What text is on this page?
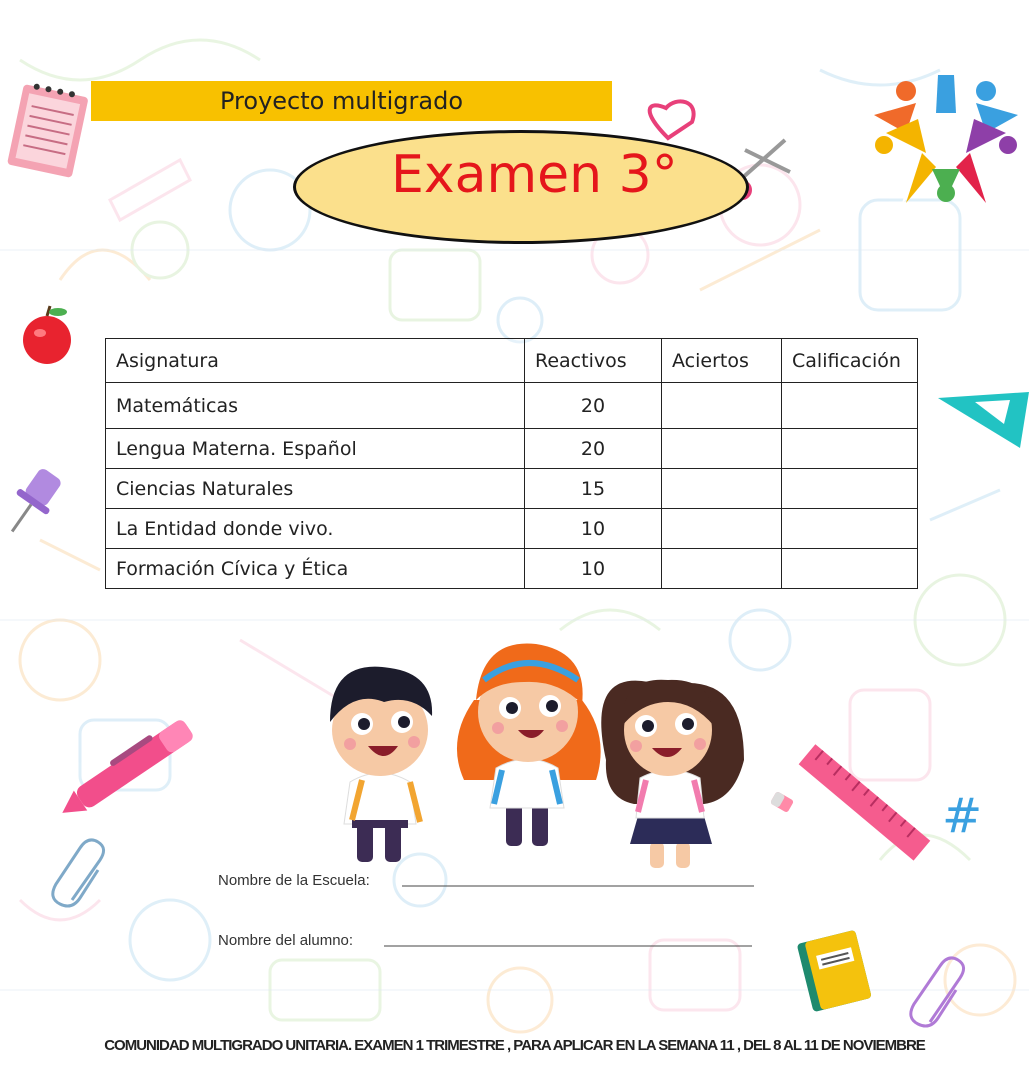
#
Proyecto multigrado
Examen 3°
Asignatura	Reactivos	Aciertos	Calificación
Matemáticas	20		
Lengua Materna. Español	20		
Ciencias Naturales	15		
La Entidad donde vivo.	10		
Formación Cívica y Ética	10		
Nombre de la Escuela:
Nombre del alumno:
COMUNIDAD MULTIGRADO UNITARIA. EXAMEN 1 TRIMESTRE , PARA APLICAR EN LA SEMANA 11 , DEL 8 AL 11 DE NOVIEMBRE
